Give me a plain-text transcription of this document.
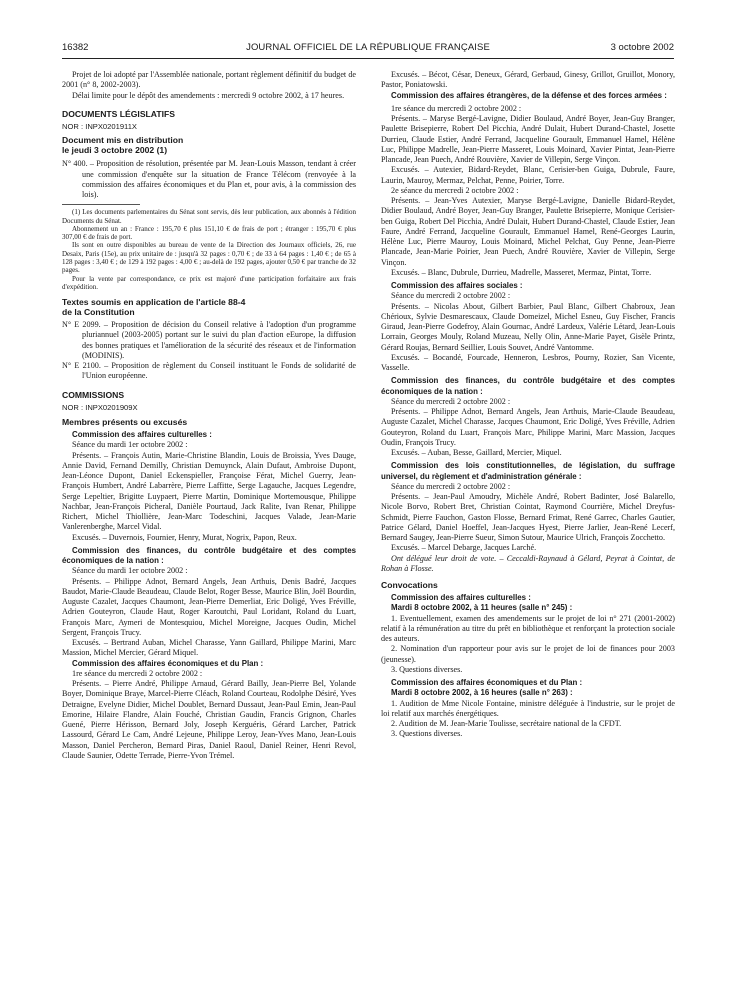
16382	JOURNAL OFFICIEL DE LA RÉPUBLIQUE FRANÇAISE	3 octobre 2002

Projet de loi adopté par l'Assemblée nationale, portant règlement définitif du budget de 2001 (n° 8, 2002-2003).

Délai limite pour le dépôt des amendements : mercredi 9 octobre 2002, à 17 heures.

DOCUMENTS LÉGISLATIFS

NOR : INPX0201911X

Document mis en distribution

le jeudi 3 octobre 2002 (1)

N° 400. – Proposition de résolution, présentée par M. Jean-Louis Masson, tendant à créer une commission d'enquête sur la situation de France Télécom (renvoyée à la commission des affaires économiques et du Plan et, pour avis, à la commission des lois).

(1) Les documents parlementaires du Sénat sont servis, dès leur publication, aux abonnés à l'édition Documents du Sénat.

Abonnement un an : France : 195,70 € plus 151,10 € de frais de port ; étranger : 195,70 € plus 307,00 € de frais de port.

Ils sont en outre disponibles au bureau de vente de la Direction des Journaux officiels, 26, rue Desaix, Paris (15e), au prix unitaire de : jusqu'à 32 pages : 0,70 € ; de 33 à 64 pages : 1,40 € ; de 65 à 128 pages : 3,40 € ; de 129 à 192 pages : 4,00 € ; au-delà de 192 pages, ajouter 0,50 € par tranche de 32 pages.

Pour la vente par correspondance, ce prix est majoré d'une participation forfaitaire aux frais d'expédition.

Textes soumis en application de l'article 88-4

de la Constitution

N° E 2099. – Proposition de décision du Conseil relative à l'adoption d'un programme pluriannuel (2003-2005) portant sur le suivi du plan d'action eEurope, la diffusion des bonnes pratiques et l'amélioration de la sécurité des réseaux et de l'information (MODINIS).

N° E 2100. – Proposition de règlement du Conseil instituant le Fonds de solidarité de l'Union européenne.

COMMISSIONS

NOR : INPX0201909X

Membres présents ou excusés

Commission des affaires culturelles :

Séance du mardi 1er octobre 2002 :

Présents. – François Autin, Marie-Christine Blandin, Louis de Broissia, Yves Dauge, Annie David, Fernand Demilly, Christian Demuynck, Alain Dufaut, Ambroise Dupont, Jean-Léonce Dupont, Daniel Eckenspieller, Françoise Férat, Michel Guerry, Jean-François Humbert, André Labarrère, Pierre Laffitte, Serge Lagauche, Jacques Legendre, Serge Lepeltier, Brigitte Luypaert, Pierre Martin, Dominique Mortemousque, Philippe Nachbar, Jean-François Picheral, Danièle Pourtaud, Jack Ralite, Ivan Renar, Philippe Richert, Michel Thiollière, Jean-Marc Todeschini, Jacques Valade, Jean-Marie Vanlerenberghe, Marcel Vidal.

Excusés. – Duvernois, Fournier, Henry, Murat, Nogrix, Papon, Reux.

Commission des finances, du contrôle budgétaire et des comptes économiques de la nation :

Séance du mardi 1er octobre 2002 :

Présents. – Philippe Adnot, Bernard Angels, Jean Arthuis, Denis Badré, Jacques Baudot, Marie-Claude Beaudeau, Claude Belot, Roger Besse, Maurice Blin, Joël Bourdin, Auguste Cazalet, Jacques Chaumont, Jean-Pierre Demerliat, Eric Doligé, Yves Fréville, Adrien Gouteyron, Claude Haut, Roger Karoutchi, Paul Loridant, Roland du Luart, François Marc, Aymeri de Montesquiou, Michel Moreigne, Jacques Oudin, Michel Sergent, François Trucy.

Excusés. – Bertrand Auban, Michel Charasse, Yann Gaillard, Philippe Marini, Marc Massion, Michel Mercier, Gérard Miquel.

Commission des affaires économiques et du Plan :

1re séance du mercredi 2 octobre 2002 :

Présents. – Pierre André, Philippe Arnaud, Gérard Bailly, Jean-Pierre Bel, Yolande Boyer, Dominique Braye, Marcel-Pierre Cléach, Roland Courteau, Rodolphe Désiré, Yves Detraigne, Evelyne Didier, Michel Doublet, Bernard Dussaut, Jean-Paul Emin, Jean-Paul Emorine, Hilaire Flandre, Alain Fouché, Christian Gaudin, Francis Grignon, Charles Guené, Pierre Hérisson, Bernard Joly, Joseph Kerguéris, Gérard Larcher, Patrick Lassourd, Gérard Le Cam, André Lejeune, Philippe Leroy, Jean-Yves Mano, Jean-Louis Masson, Daniel Percheron, Bernard Piras, Daniel Raoul, Daniel Reiner, Henri Revol, Claude Saunier, Odette Terrade, Pierre-Yvon Trémel.

Excusés. – Bécot, César, Deneux, Gérard, Gerbaud, Ginesy, Grillot, Gruillot, Monory, Pastor, Poniatowski.

Commission des affaires étrangères, de la défense et des forces armées :

1re séance du mercredi 2 octobre 2002 :

Présents. – Maryse Bergé-Lavigne, Didier Boulaud, André Boyer, Jean-Guy Branger, Paulette Brisepierre, Robert Del Picchia, André Dulait, Hubert Durand-Chastel, Josette Durrieu, Claude Estier, André Ferrand, Jacqueline Gourault, Emmanuel Hamel, Hélène Luc, Philippe Madrelle, Jean-Pierre Masseret, Louis Moinard, Xavier Pintat, Jean-Pierre Plancade, Jean Puech, André Rouvière, Xavier de Villepin, Serge Vinçon.

Excusés. – Autexier, Bidard-Reydet, Blanc, Cerisier-ben Guiga, Dubrule, Faure, Laurin, Mauroy, Mermaz, Pelchat, Penne, Poirier, Torre.

2e séance du mercredi 2 octobre 2002 :

Présents. – Jean-Yves Autexier, Maryse Bergé-Lavigne, Danielle Bidard-Reydet, Didier Boulaud, André Boyer, Jean-Guy Branger, Paulette Brisepierre, Monique Cerisier-ben Guiga, Robert Del Picchia, André Dulait, Hubert Durand-Chastel, Claude Estier, Jean Faure, André Ferrand, Jacqueline Gourault, Emmanuel Hamel, René-Georges Laurin, Hélène Luc, Pierre Mauroy, Louis Moinard, Michel Pelchat, Guy Penne, Jean-Pierre Plancade, Jean-Marie Poirier, Jean Puech, André Rouvière, Xavier de Villepin, Serge Vinçon.

Excusés. – Blanc, Dubrule, Durrieu, Madrelle, Masseret, Mermaz, Pintat, Torre.

Commission des affaires sociales :

Séance du mercredi 2 octobre 2002 :

Présents. – Nicolas About, Gilbert Barbier, Paul Blanc, Gilbert Chabroux, Jean Chérioux, Sylvie Desmarescaux, Claude Domeizel, Michel Esneu, Guy Fischer, Francis Giraud, Jean-Pierre Godefroy, Alain Gournac, André Lardeux, Valérie Létard, Jean-Louis Lorrain, Georges Mouly, Roland Muzeau, Nelly Olin, Anne-Marie Payet, Gisèle Printz, Gérard Roujas, Bernard Seillier, Louis Souvet, André Vantomme.

Excusés. – Bocandé, Fourcade, Henneron, Lesbros, Pourny, Rozier, San Vicente, Vasselle.

Commission des finances, du contrôle budgétaire et des comptes économiques de la nation :

Séance du mercredi 2 octobre 2002 :

Présents. – Philippe Adnot, Bernard Angels, Jean Arthuis, Marie-Claude Beaudeau, Auguste Cazalet, Michel Charasse, Jacques Chaumont, Eric Doligé, Yves Fréville, Adrien Gouteyron, Roland du Luart, François Marc, Philippe Marini, Marc Massion, Jacques Oudin, François Trucy.

Excusés. – Auban, Besse, Gaillard, Mercier, Miquel.

Commission des lois constitutionnelles, de législation, du suffrage universel, du règlement et d'administration générale :

Séance du mercredi 2 octobre 2002 :

Présents. – Jean-Paul Amoudry, Michèle André, Robert Badinter, José Balarello, Nicole Borvo, Robert Bret, Christian Cointat, Raymond Courrière, Michel Dreyfus-Schmidt, Pierre Fauchon, Gaston Flosse, Bernard Frimat, René Garrec, Charles Gautier, Patrice Gélard, Daniel Hoeffel, Jean-Jacques Hyest, Pierre Jarlier, Jean-René Lecerf, Bernard Saugey, Jean-Pierre Sueur, Simon Sutour, Maurice Ulrich, François Zocchetto.

Excusés. – Marcel Debarge, Jacques Larché.

Ont délégué leur droit de vote. – Ceccaldi-Raynaud à Gélard, Peyrat à Cointat, de Rohan à Flosse.

Convocations

Commission des affaires culturelles :

Mardi 8 octobre 2002, à 11 heures (salle n° 245) :

1. Eventuellement, examen des amendements sur le projet de loi n° 271 (2001-2002) relatif à la rémunération au titre du prêt en bibliothèque et renforçant la protection sociale des auteurs.

2. Nomination d'un rapporteur pour avis sur le projet de loi de finances pour 2003 (jeunesse).

3. Questions diverses.

Commission des affaires économiques et du Plan :

Mardi 8 octobre 2002, à 16 heures (salle n° 263) :

1. Audition de Mme Nicole Fontaine, ministre déléguée à l'industrie, sur le projet de loi relatif aux marchés énergétiques.

2. Audition de M. Jean-Marie Toulisse, secrétaire national de la CFDT.

3. Questions diverses.
